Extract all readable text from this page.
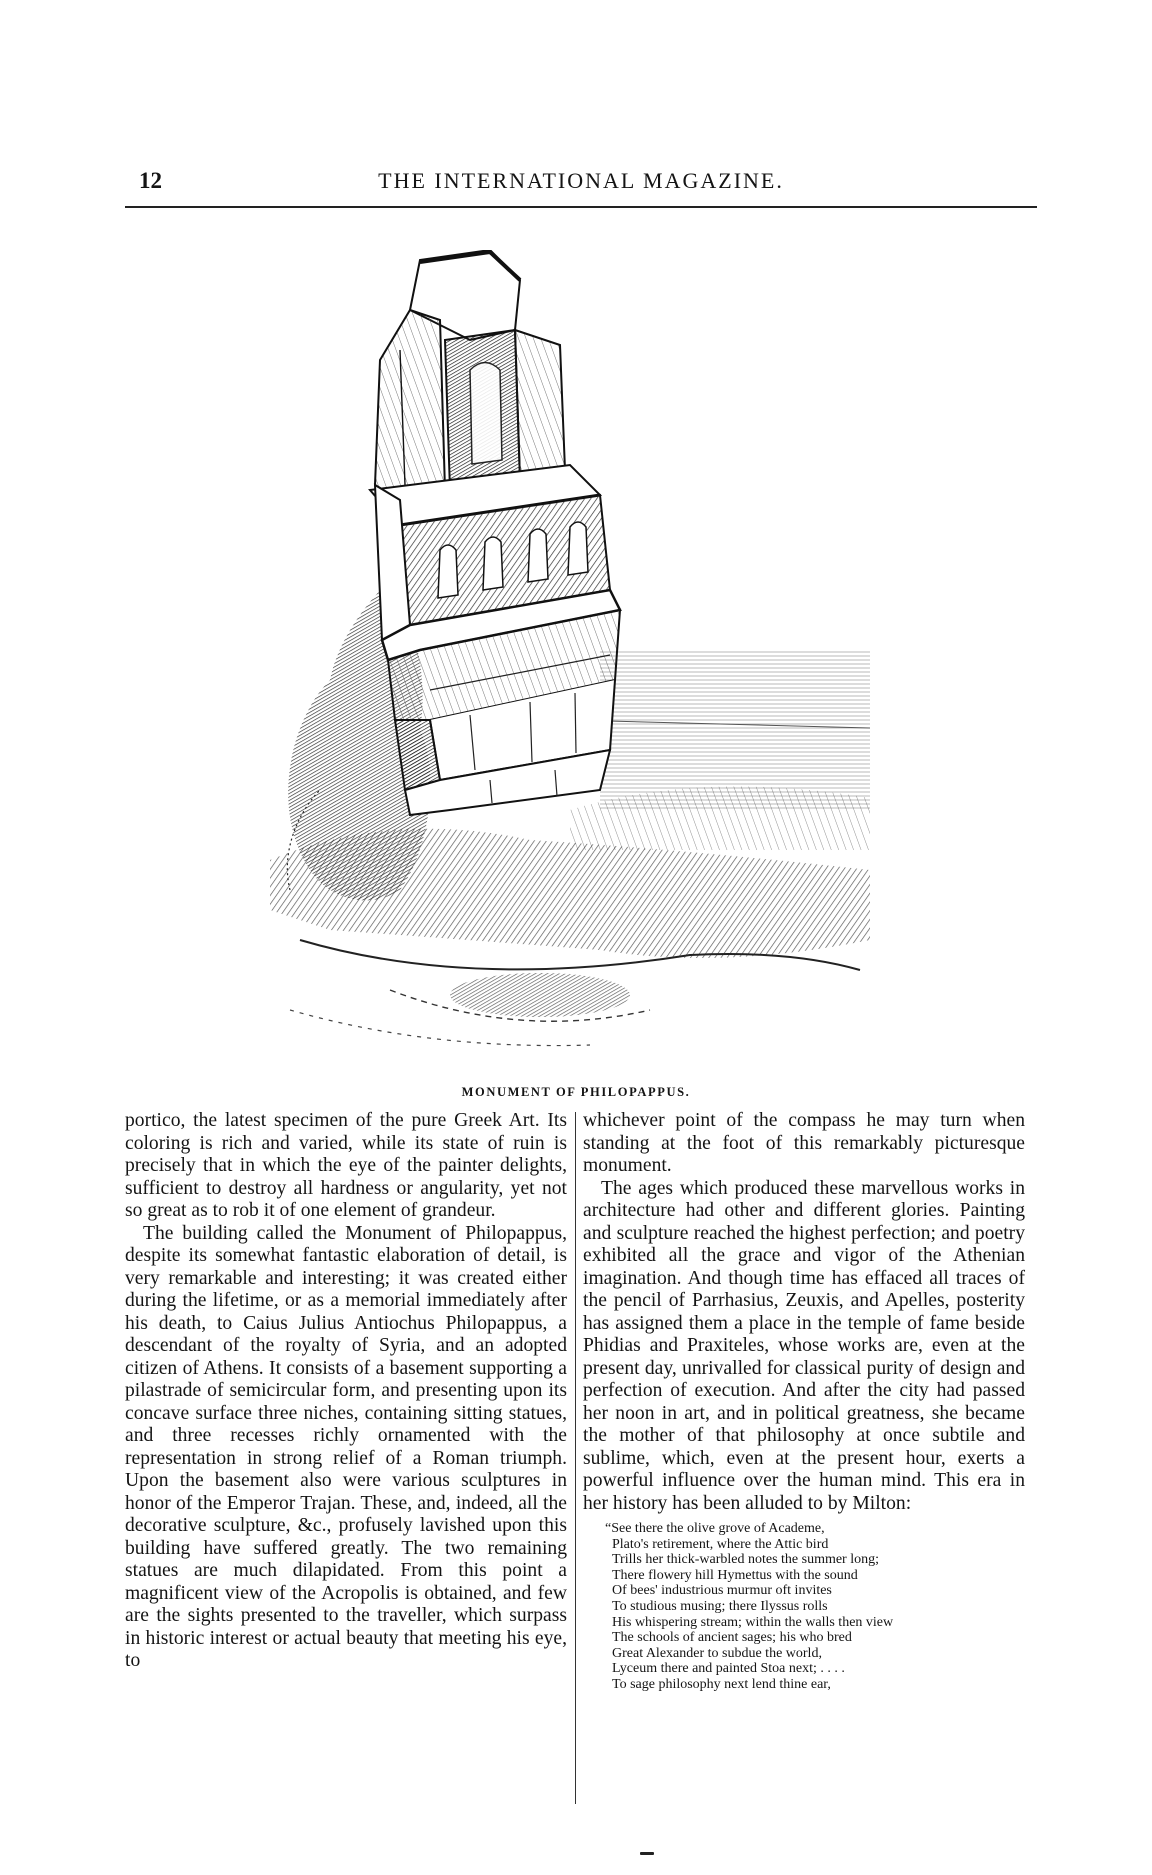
12	THE INTERNATIONAL MAGAZINE.
MONUMENT OF PHILOPAPPUS.

portico, the latest specimen of the pure Greek Art. Its coloring is rich and varied, while its state of ruin is precisely that in which the eye of the painter delights, sufficient to destroy all hardness or angularity, yet not so great as to rob it of one element of grandeur.

The building called the Monument of Philopappus, despite its somewhat fantastic elaboration of detail, is very remarkable and interesting; it was created either during the lifetime, or as a memorial immediately after his death, to Caius Julius Antiochus Philopappus, a descendant of the royalty of Syria, and an adopted citizen of Athens. It consists of a basement supporting a pilastrade of semicircular form, and presenting upon its concave surface three niches, containing sitting statues, and three recesses richly ornamented with the representation in strong relief of a Roman triumph. Upon the basement also were various sculptures in honor of the Emperor Trajan. These, and, indeed, all the decorative sculpture, &c., profusely lavished upon this building have suffered greatly. The two remaining statues are much dilapidated. From this point a magnificent view of the Acropolis is obtained, and few are the sights presented to the traveller, which surpass in historic interest or actual beauty that meeting his eye, to

whichever point of the compass he may turn when standing at the foot of this remarkably picturesque monument.

The ages which produced these marvellous works in architecture had other and different glories. Painting and sculpture reached the highest perfection; and poetry exhibited all the grace and vigor of the Athenian imagination. And though time has effaced all traces of the pencil of Parrhasius, Zeuxis, and Apelles, posterity has assigned them a place in the temple of fame beside Phidias and Praxiteles, whose works are, even at the present day, unrivalled for classical purity of design and perfection of execution. And after the city had passed her noon in art, and in political greatness, she became the mother of that philosophy at once subtile and sublime, which, even at the present hour, exerts a powerful influence over the human mind. This era in her history has been alluded to by Milton:

“See there the olive grove of Academe,
Plato's retirement, where the Attic bird
Trills her thick-warbled notes the summer long;
There flowery hill Hymettus with the sound
Of bees' industrious murmur oft invites
To studious musing; there Ilyssus rolls
His whispering stream; within the walls then view
The schools of ancient sages; his who bred
Great Alexander to subdue the world,
Lyceum there and painted Stoa next; . . . .
To sage philosophy next lend thine ear,
